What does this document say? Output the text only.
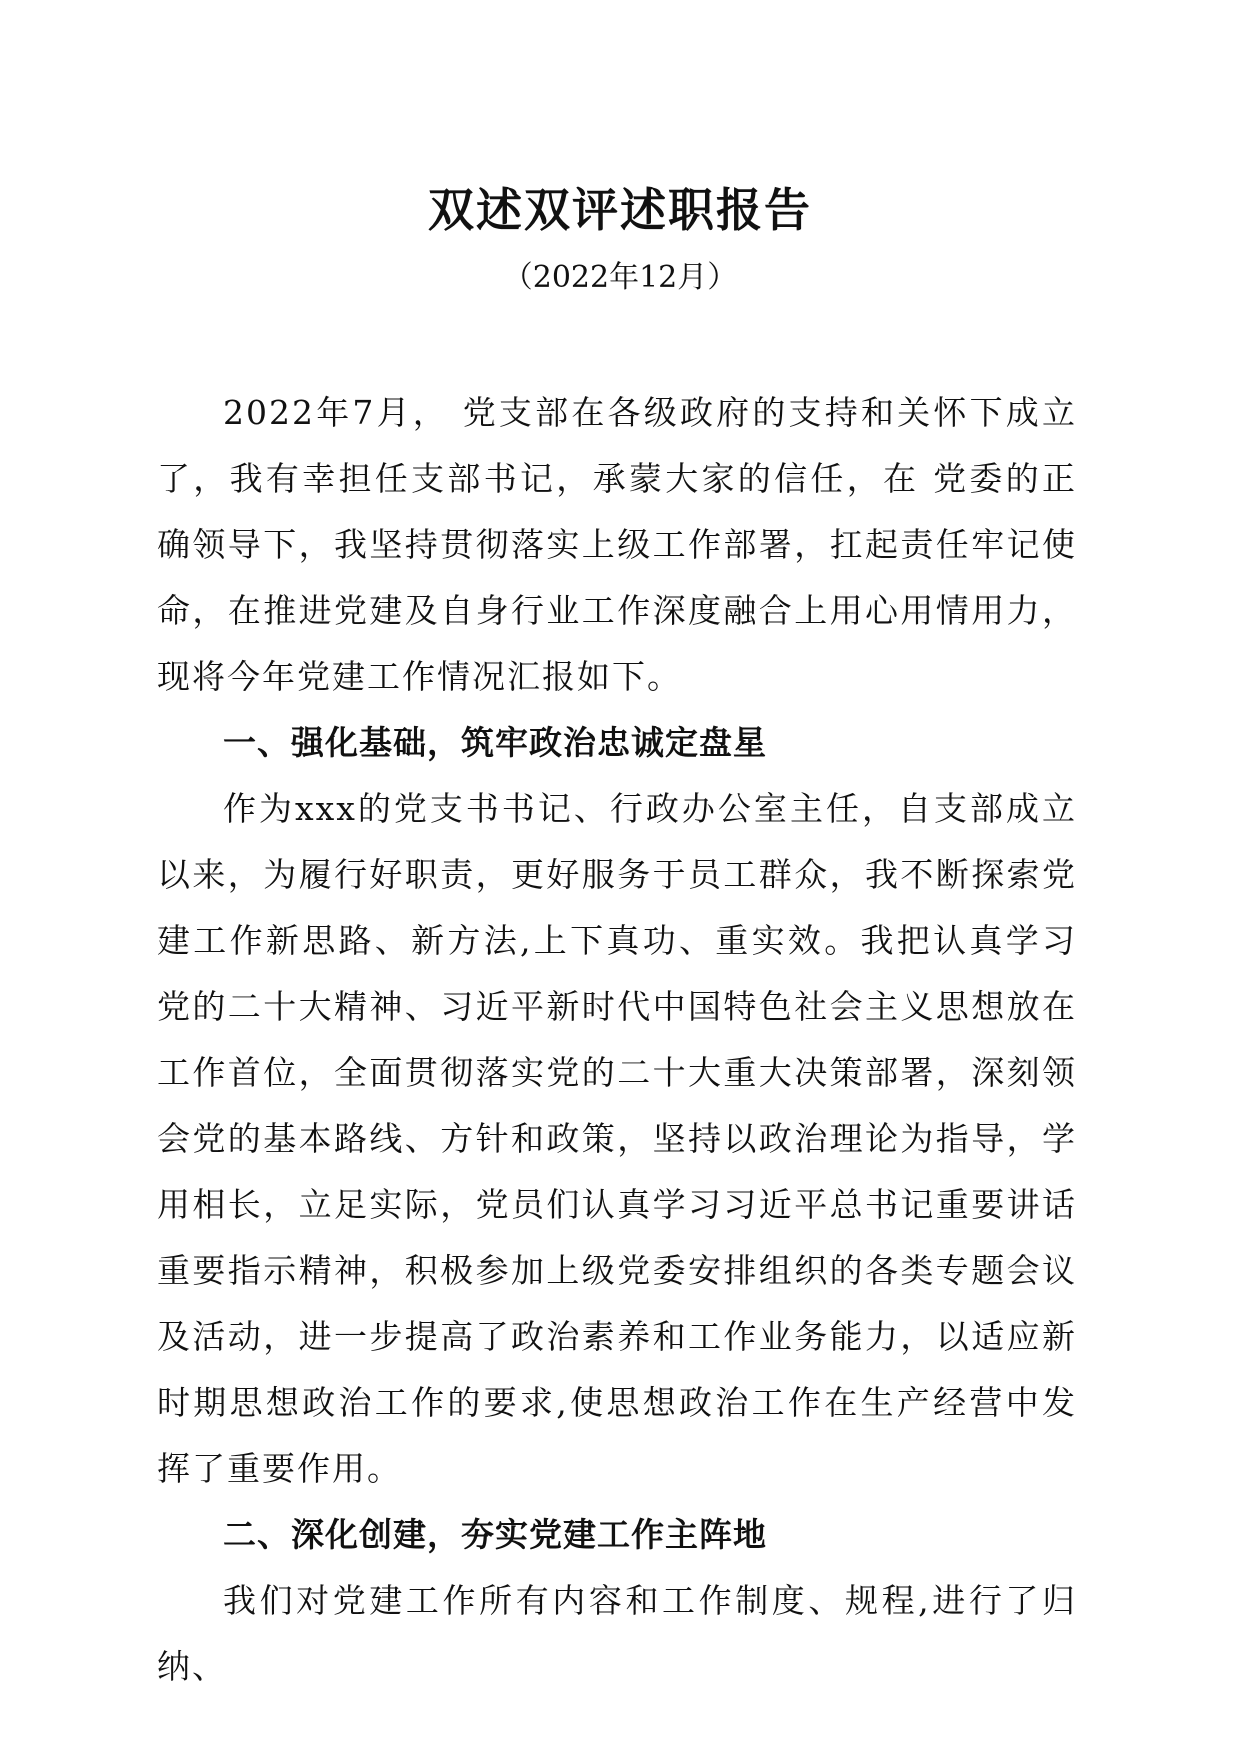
双述双评述职报告
（2022年12月）

2022年7月， 党支部在各级政府的支持和关怀下成立了，我有幸担任支部书记，承蒙大家的信任，在 党委的正确领导下，我坚持贯彻落实上级工作部署，扛起责任牢记使命，在推进党建及自身行业工作深度融合上用心用情用力，现将今年党建工作情况汇报如下。

一、强化基础，筑牢政治忠诚定盘星

作为xxx的党支书书记、行政办公室主任，自支部成立以来，为履行好职责，更好服务于员工群众，我不断探索党建工作新思路、新方法,上下真功、重实效。我把认真学习党的二十大精神、习近平新时代中国特色社会主义思想放在工作首位，全面贯彻落实党的二十大重大决策部署，深刻领会党的基本路线、方针和政策，坚持以政治理论为指导，学用相长，立足实际，党员们认真学习习近平总书记重要讲话重要指示精神，积极参加上级党委安排组织的各类专题会议及活动，进一步提高了政治素养和工作业务能力，以适应新时期思想政治工作的要求,使思想政治工作在生产经营中发挥了重要作用。

二、深化创建，夯实党建工作主阵地

我们对党建工作所有内容和工作制度、规程,进行了归纳、
